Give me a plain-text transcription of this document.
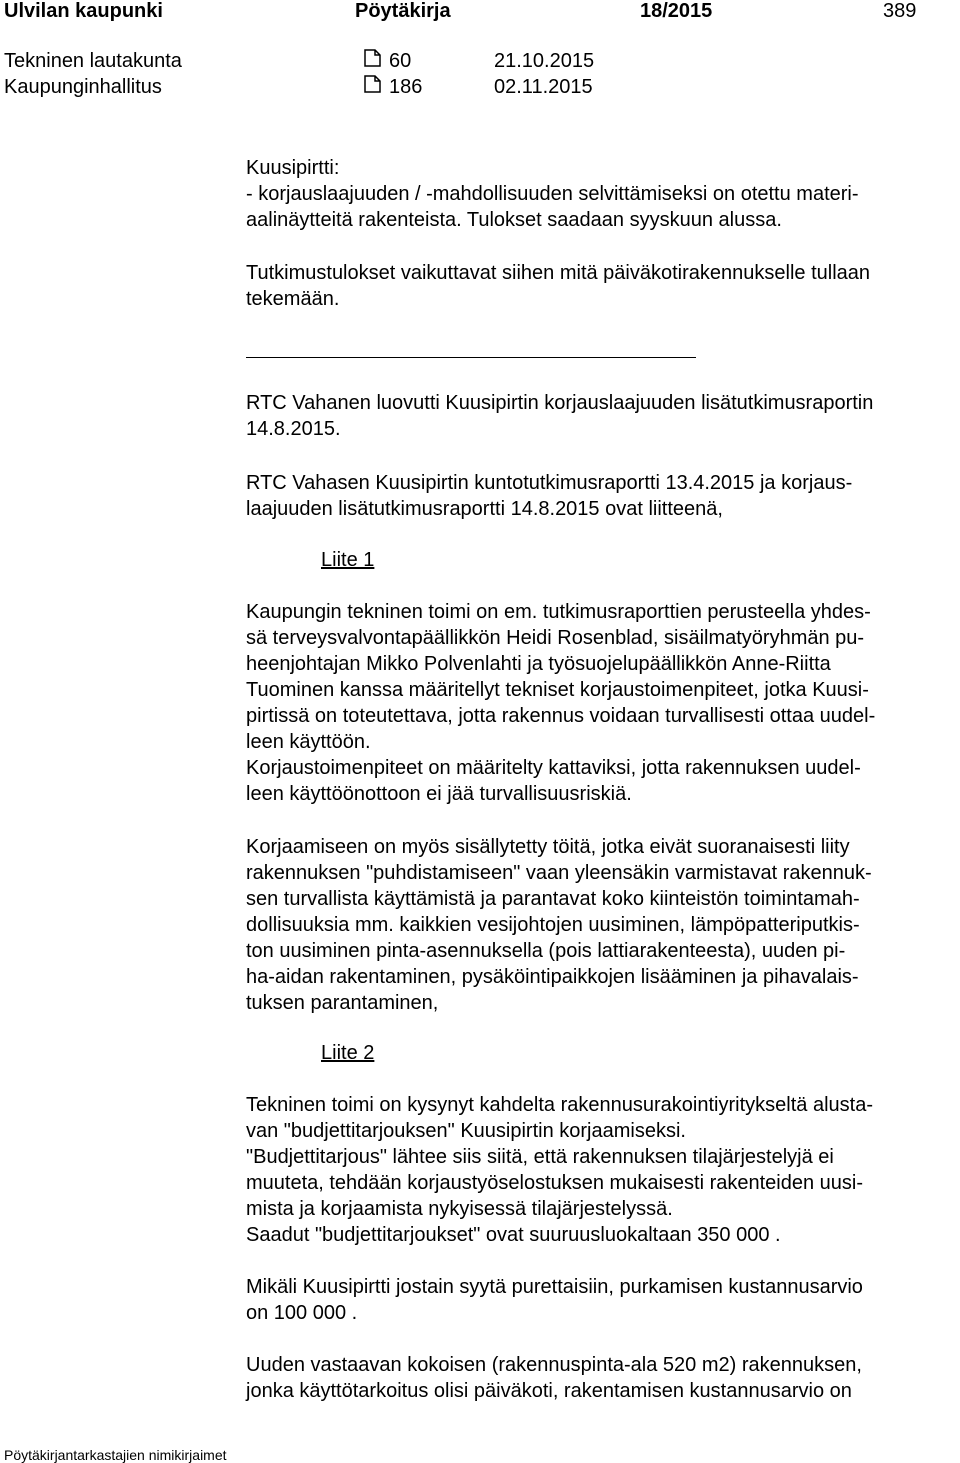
Ulvilan kaupunki	Pöytäkirja	18/2015	389
Tekninen lautakunta	60	21.10.2015
Kaupunginhallitus	186	02.11.2015
Kuusipirtti:
- korjauslaajuuden / -mahdollisuuden selvittämiseksi on otettu materi-
aalinäytteitä rakenteista. Tulokset saadaan syyskuun alussa.
Tutkimustulokset vaikuttavat siihen mitä päiväkotirakennukselle tullaan
tekemään.
RTC Vahanen luovutti Kuusipirtin korjauslaajuuden lisätutkimusraportin
14.8.2015.
RTC Vahasen Kuusipirtin kuntotutkimusraportti 13.4.2015 ja korjaus-
laajuuden lisätutkimusraportti 14.8.2015 ovat liitteenä,
Liite 1
Kaupungin tekninen toimi on em. tutkimusraporttien perusteella yhdes-
sä terveysvalvontapäällikkön Heidi Rosenblad, sisäilmatyöryhmän pu-
heenjohtajan Mikko Polvenlahti ja työsuojelupäällikkön Anne-Riitta
Tuominen kanssa määritellyt tekniset korjaustoimenpiteet, jotka Kuusi-
pirtissä on toteutettava, jotta rakennus voidaan turvallisesti ottaa uudel-
leen käyttöön.
Korjaustoimenpiteet on määritelty kattaviksi, jotta rakennuksen uudel-
leen käyttöönottoon ei jää turvallisuusriskiä.
Korjaamiseen on myös sisällytetty töitä, jotka eivät suoranaisesti liity
rakennuksen "puhdistamiseen" vaan yleensäkin varmistavat rakennuk-
sen turvallista käyttämistä ja parantavat koko kiinteistön toimintamah-
dollisuuksia mm. kaikkien vesijohtojen uusiminen, lämpöpatteriputkis-
ton uusiminen pinta-asennuksella (pois lattiarakenteesta), uuden pi-
ha-aidan rakentaminen, pysäköintipaikkojen lisääminen ja pihavalais-
tuksen parantaminen,
Liite 2
Tekninen toimi on kysynyt kahdelta rakennusurakointiyritykseltä alusta-
van "budjettitarjouksen" Kuusipirtin korjaamiseksi.
"Budjettitarjous" lähtee siis siitä, että rakennuksen tilajärjestelyjä ei
muuteta, tehdään korjaustyöselostuksen mukaisesti rakenteiden uusi-
mista ja korjaamista nykyisessä tilajärjestelyssä.
Saadut "budjettitarjoukset" ovat suuruusluokaltaan 350 000 .
Mikäli Kuusipirtti jostain syytä purettaisiin, purkamisen kustannusarvio
on 100 000 .
Uuden vastaavan kokoisen (rakennuspinta-ala 520 m2) rakennuksen,
jonka käyttötarkoitus olisi päiväkoti, rakentamisen kustannusarvio on
Pöytäkirjantarkastajien nimikirjaimet
